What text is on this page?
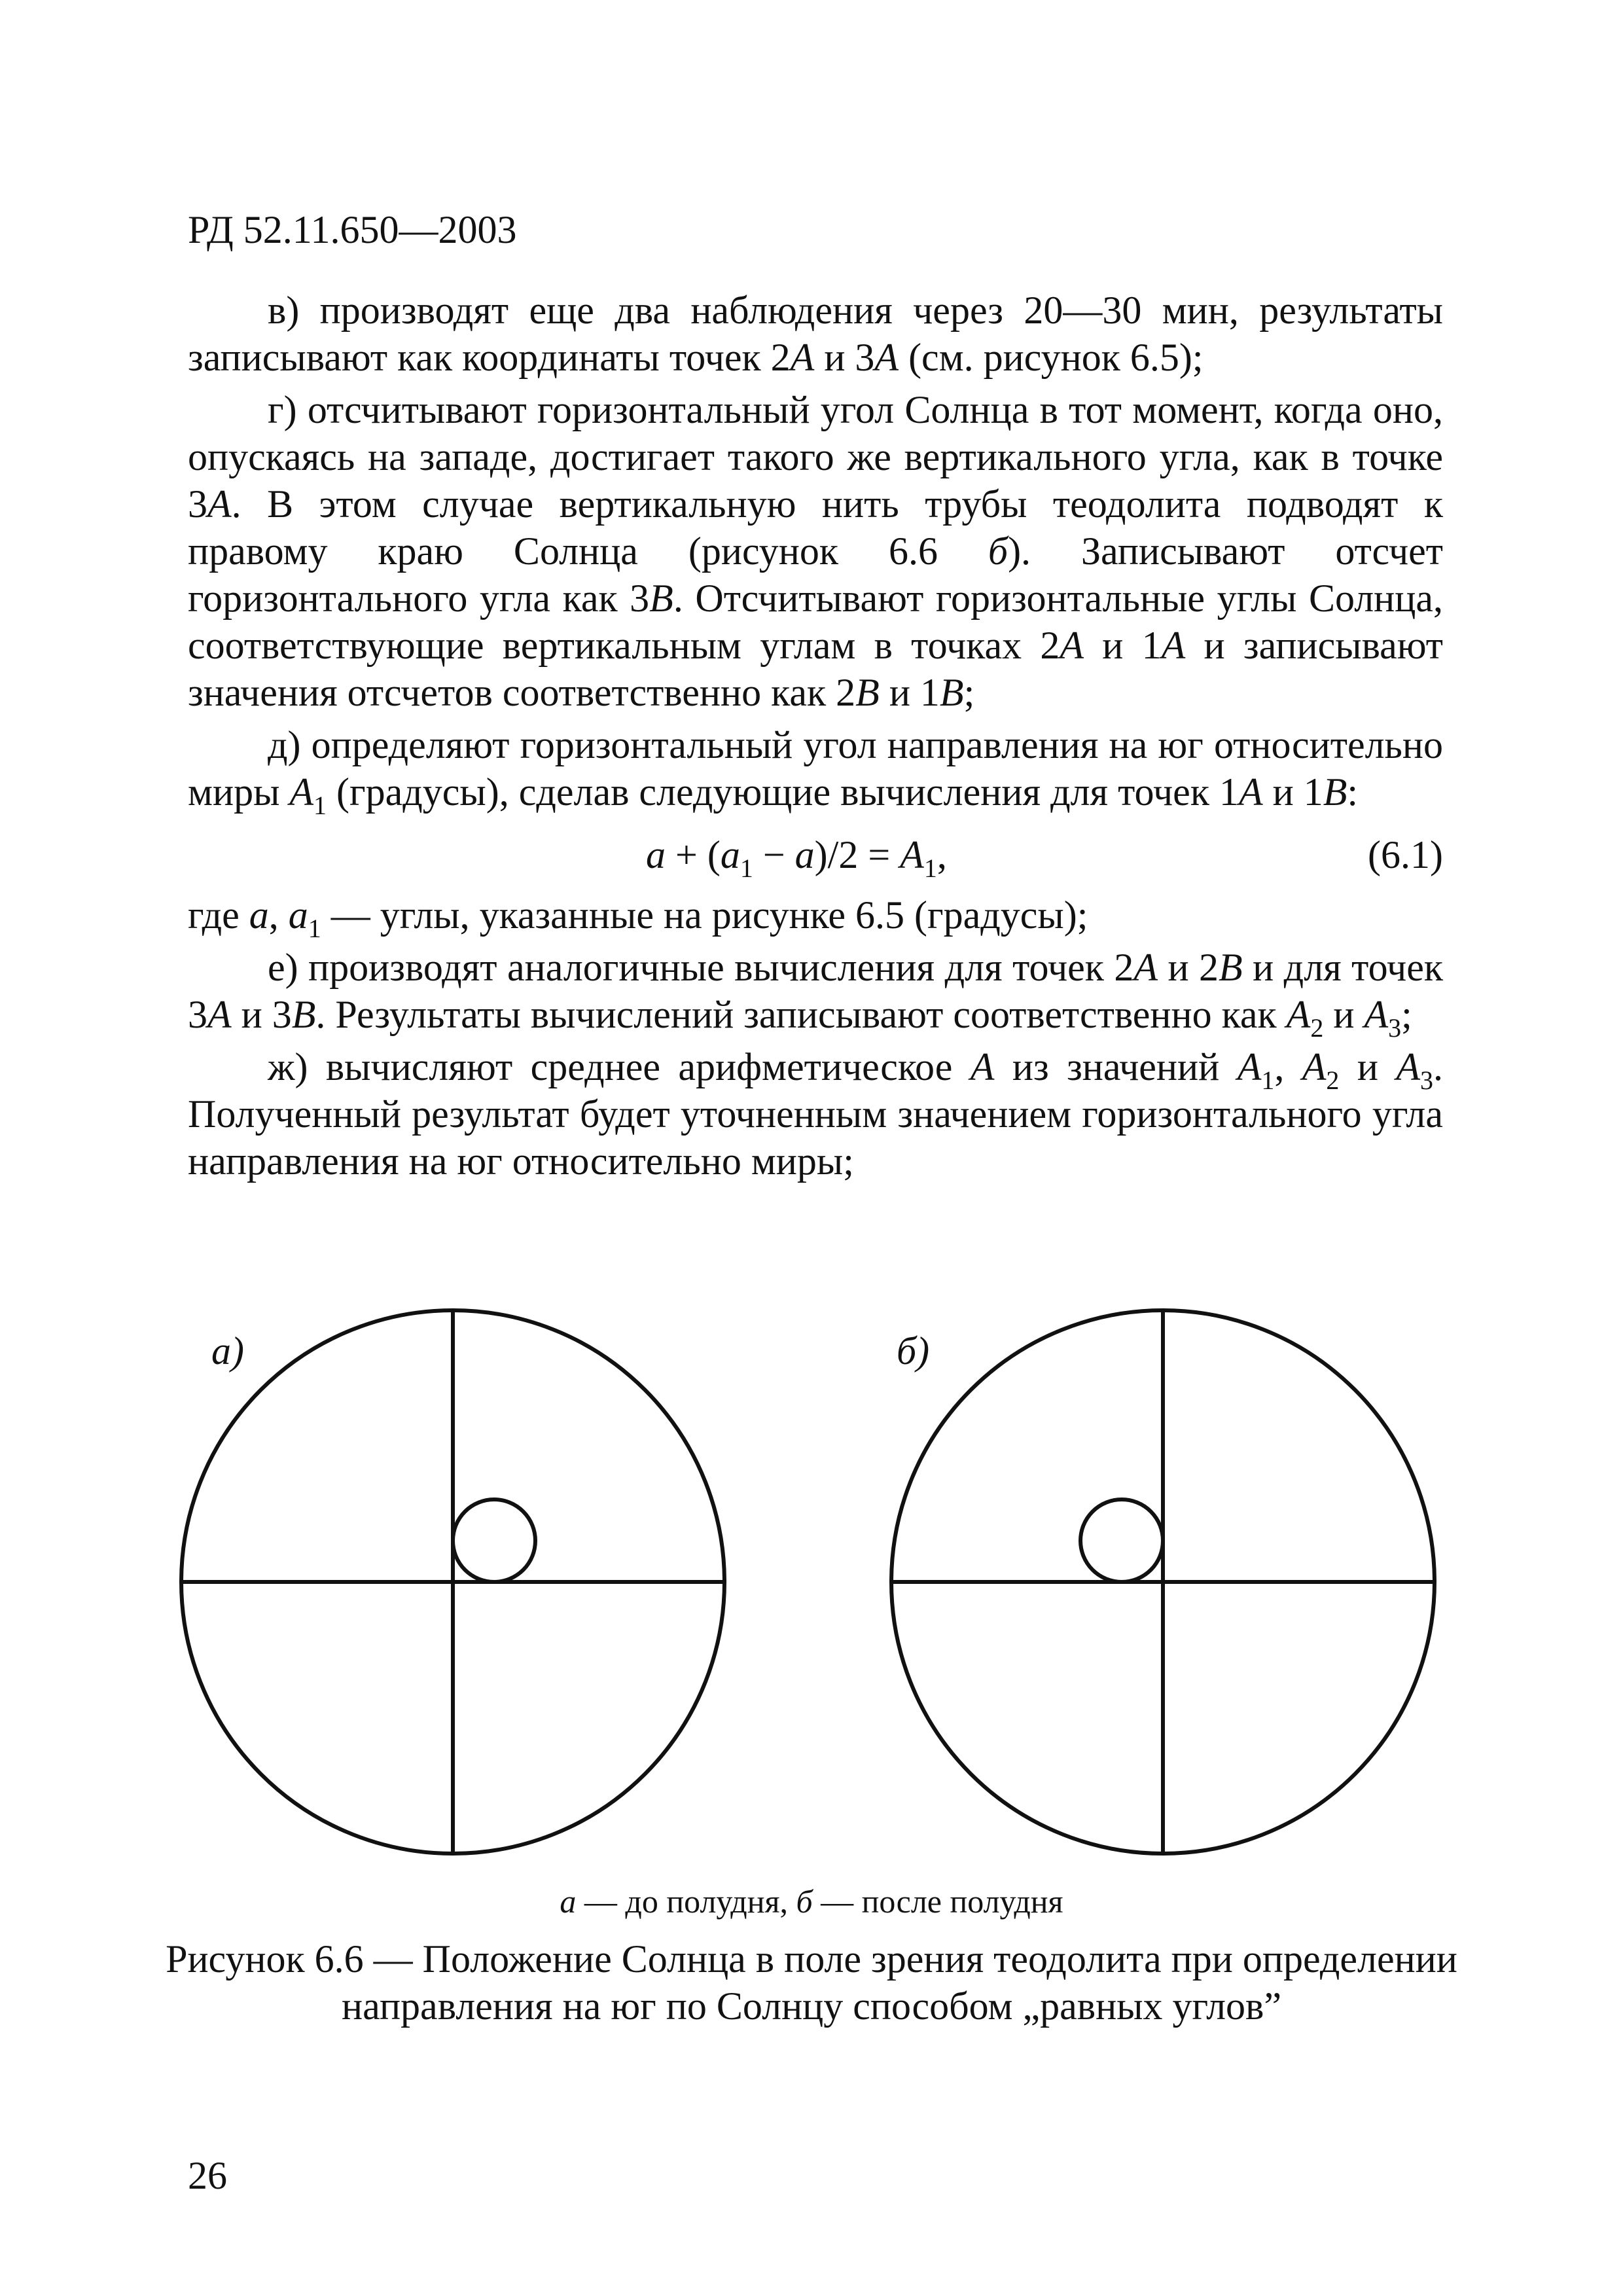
РД 52.11.650—2003

в) производят еще два наблюдения через 20—30 мин, результаты записывают как координаты точек 2A и 3A (см. рисунок 6.5);

г) отсчитывают горизонтальный угол Солнца в тот момент, когда оно, опускаясь на западе, достигает такого же вертикального угла, как в точке 3A. В этом случае вертикальную нить трубы теодолита подводят к правому краю Солнца (рисунок 6.6 б). Записывают отсчет горизонтального угла как 3B. Отсчитывают горизонтальные углы Солнца, соответствующие вертикальным углам в точках 2A и 1A и записывают значения отсчетов соответственно как 2B и 1B;

д) определяют горизонтальный угол направления на юг относительно миры $A_1$ (градусы), сделав следующие вычисления для точек 1A и 1B:

$a + (a_1 - a)/2 = A_1$,	(6.1)

где a, $a_1$ — углы, указанные на рисунке 6.5 (градусы);

е) производят аналогичные вычисления для точек 2A и 2B и для точек 3A и 3B. Результаты вычислений записывают соответственно как $A_2$ и $A_3$;

ж) вычисляют среднее арифметическое A из значений $A_1$, $A_2$ и $A_3$. Полученный результат будет уточненным значением горизонтального угла направления на юг относительно миры;

а)	б)
а — до полудня, б — после полудня
Рисунок 6.6 — Положение Солнца в поле зрения теодолита при определении
направления на юг по Солнцу способом „равных углов”
26
